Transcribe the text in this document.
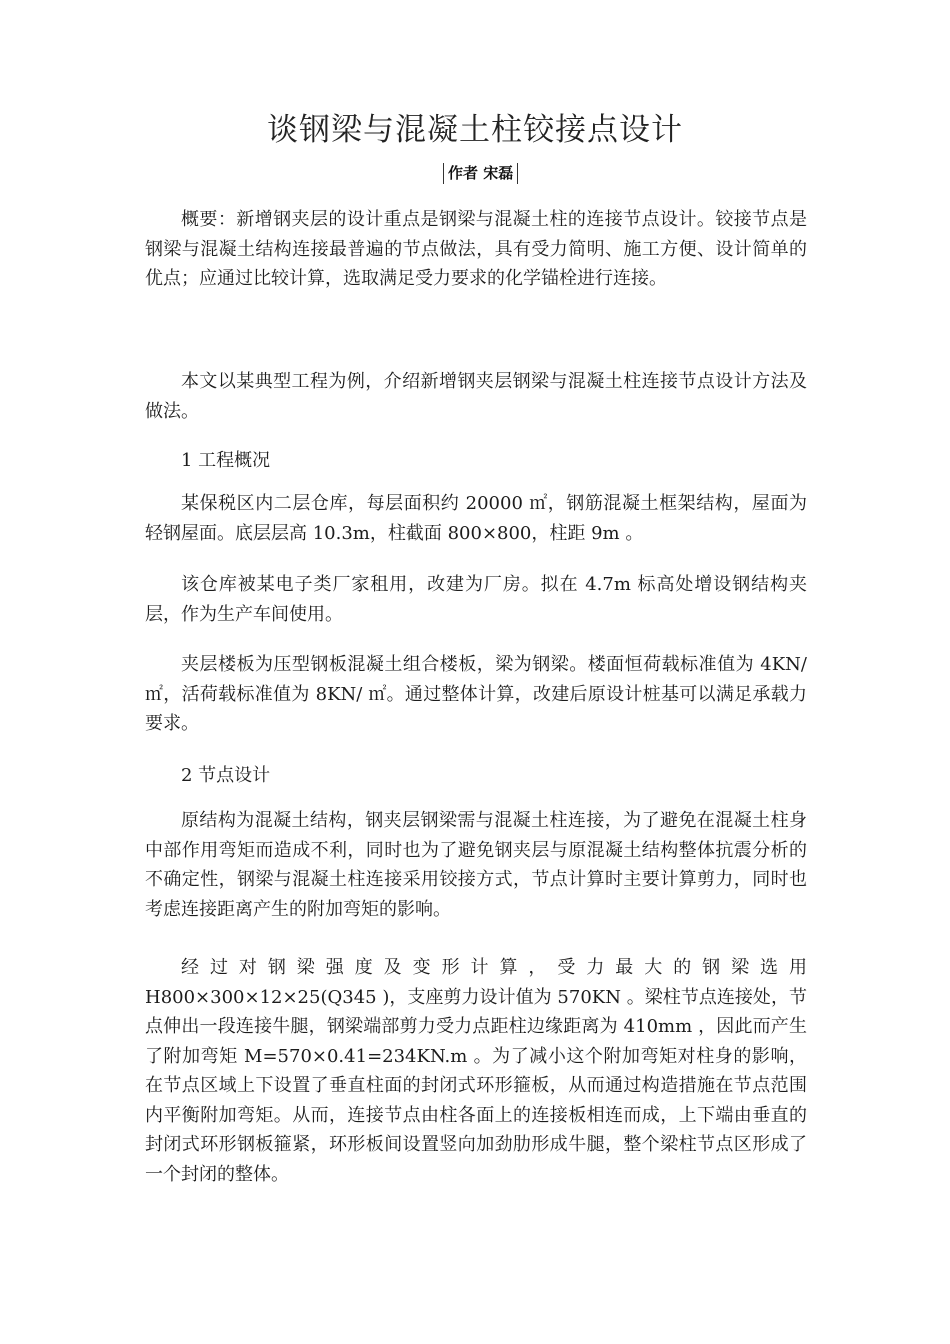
谈钢梁与混凝土柱铰接点设计
作者 宋磊

概要：新增钢夹层的设计重点是钢梁与混凝土柱的连接节点设计。铰接节点是钢梁与混凝土结构连接最普遍的节点做法，具有受力简明、施工方便、设计简单的优点；应通过比较计算，选取满足受力要求的化学锚栓进行连接。

本文以某典型工程为例，介绍新增钢夹层钢梁与混凝土柱连接节点设计方法及做法。

1 工程概况

某保税区内二层仓库，每层面积约 20000 ㎡，钢筋混凝土框架结构，屋面为轻钢屋面。底层层高 10.3m，柱截面 800×800，柱距 9m 。

该仓库被某电子类厂家租用，改建为厂房。拟在 4.7m 标高处增设钢结构夹层，作为生产车间使用。

夹层楼板为压型钢板混凝土组合楼板，梁为钢梁。楼面恒荷载标准值为 4KN/㎡，活荷载标准值为 8KN/ ㎡。通过整体计算，改建后原设计桩基可以满足承载力要求。

2 节点设计

原结构为混凝土结构，钢夹层钢梁需与混凝土柱连接，为了避免在混凝土柱身中部作用弯矩而造成不利，同时也为了避免钢夹层与原混凝土结构整体抗震分析的不确定性，钢梁与混凝土柱连接采用铰接方式，节点计算时主要计算剪力，同时也考虑连接距离产生的附加弯矩的影响。

经过对钢梁强度及变形计算，受力最大的钢梁选用 H800×300×12×25(Q345 )，支座剪力设计值为 570KN 。梁柱节点连接处，节点伸出一段连接牛腿，钢梁端部剪力受力点距柱边缘距离为 410mm ，因此而产生了附加弯矩 M=570×0.41=234KN.m 。为了减小这个附加弯矩对柱身的影响，在节点区域上下设置了垂直柱面的封闭式环形箍板，从而通过构造措施在节点范围内平衡附加弯矩。从而，连接节点由柱各面上的连接板相连而成，上下端由垂直的封闭式环形钢板箍紧，环形板间设置竖向加劲肋形成牛腿，整个梁柱节点区形成了一个封闭的整体。
